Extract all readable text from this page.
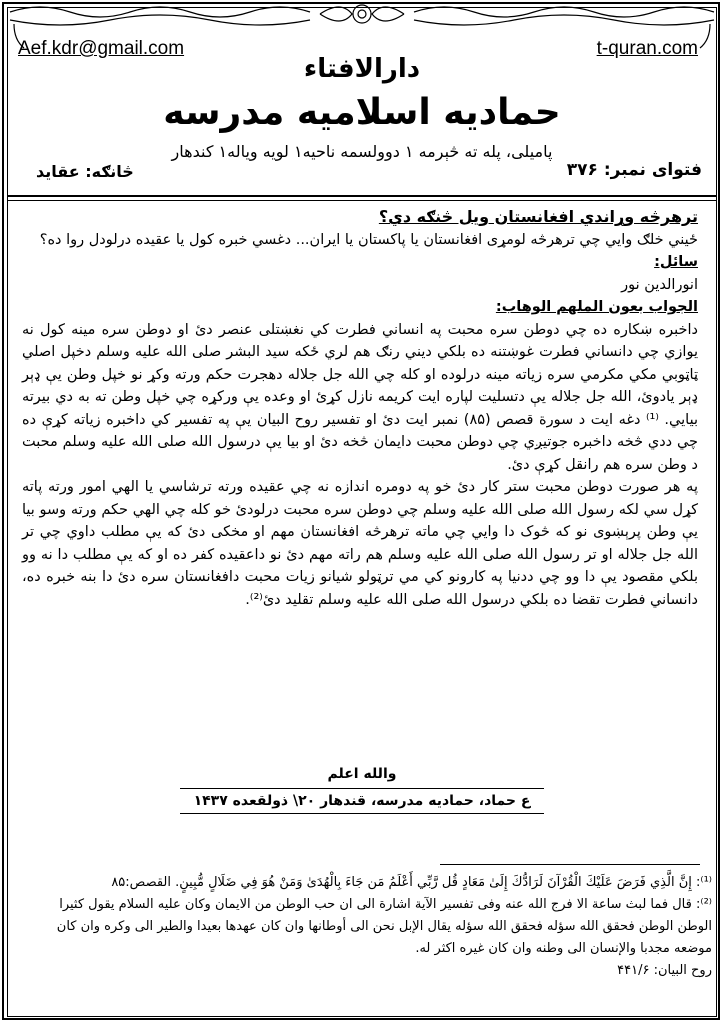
Aef.kdr@gmail.com	t-quran.com
دارالافتاء
حمادیه اسلامیه مدرسه
پامیلی، پله ته څېرمه ۱ دوولسمه ناحیه۱ لویه ویاله۱ کندهار
فتوای نمبر: ۳۷۶
څانګه: عقاید

ترهرڅه وړاندي افغانستان ویل څنګه دي؟

ځیني خلګ وایي چي ترهرڅه لومړی افغانستان یا پاکستان یا ایران... دغسي خبره کول یا عقیده درلودل روا ده؟

سائل:

انورالدین نور

الجواب بعون الملهم الوهاب:

داخبره ښکاره ده چي دوطن سره محبت په انساني فطرت کي نغښتلی عنصر دئ او دوطن سره مینه کول نه یوازي چي دانساني فطرت غوښتنه ده بلکي دیني رنګ هم لري ځکه سید البشر صلی الله علیه وسلم دخپل اصلي ټاټوبي مکي مکرمي سره زیاته مینه درلوده او کله چي الله جل جلاله دهجرت حکم ورته وکړ نو خپل وطن یې ډېر ډېر یادوئ، الله جل جلاله یې دتسلیت لپاره ایت کریمه نازل کړئ او وعده یې ورکړه چي خپل وطن ته به دي بیرته بیایي. ⁽¹⁾ دغه ایت د سورة قصص (۸۵) نمبر ایت دئ او تفسیر روح البیان یې په تفسیر کي داخبره زیاته کړې ده چي ددي څخه داخبره جوتیږي چي دوطن محبت دایمان څخه دئ او بیا یې درسول الله صلی الله علیه وسلم محبت د وطن سره هم رانقل کړې دئ.

په هر صورت دوطن محبت ستر کار دئ خو په دومره اندازه نه چي عقیده ورته ترشاسي یا الهي امور ورته پاته کړل سي لکه رسول الله صلی الله علیه وسلم چي دوطن سره محبت درلودئ خو کله چي الهي حکم ورته وسو بیا یې وطن پرېښوی نو که څوک دا وایي چي ماته ترهرڅه افغانستان مهم او مخکی دئ که یې مطلب داوي چي تر الله جل جلاله او تر رسول الله صلی الله علیه وسلم هم راته مهم دئ نو داعقیده کفر ده او که یې مطلب دا نه وو بلکي مقصود یې دا وو چي ددنیا په کارونو کي مي ترټولو شیانو زیات محبت دافغانستان سره دئ دا بنه خبره ده، دانساني فطرت تقضا ده بلکي درسول الله صلی الله علیه وسلم تقلید دئ⁽²⁾.

والله اعلم
ع حماد، حمادیه مدرسه، قندهار ۲۰\ ذولقعده ۱۴۳۷

⁽¹⁾: إِنَّ الَّذِي فَرَضَ عَلَيْكَ الْقُرْآنَ لَرَادُّكَ إِلَىٰ مَعَادٍ قُل رَّبِّي أَعْلَمُ مَن جَاءَ بِالْهُدَىٰ وَمَنْ هُوَ فِي ضَلَالٍ مُّبِينٍ. القصص:۸۵

⁽²⁾: قال فما لبث ساعة الا فرج الله عنه وفى تفسير الآية اشارة الى ان حب الوطن من الايمان وكان عليه السلام يقول كثيرا الوطن الوطن فحقق الله سؤله فحقق الله سؤله يقال الإبل نحن الى أوطانها وان كان عهدها بعيدا والطير الى وكره وان كان موضعه مجدبا والإنسان الى وطنه وان كان غيره اكثر له.

روح البیان: ۴۴۱/۶
